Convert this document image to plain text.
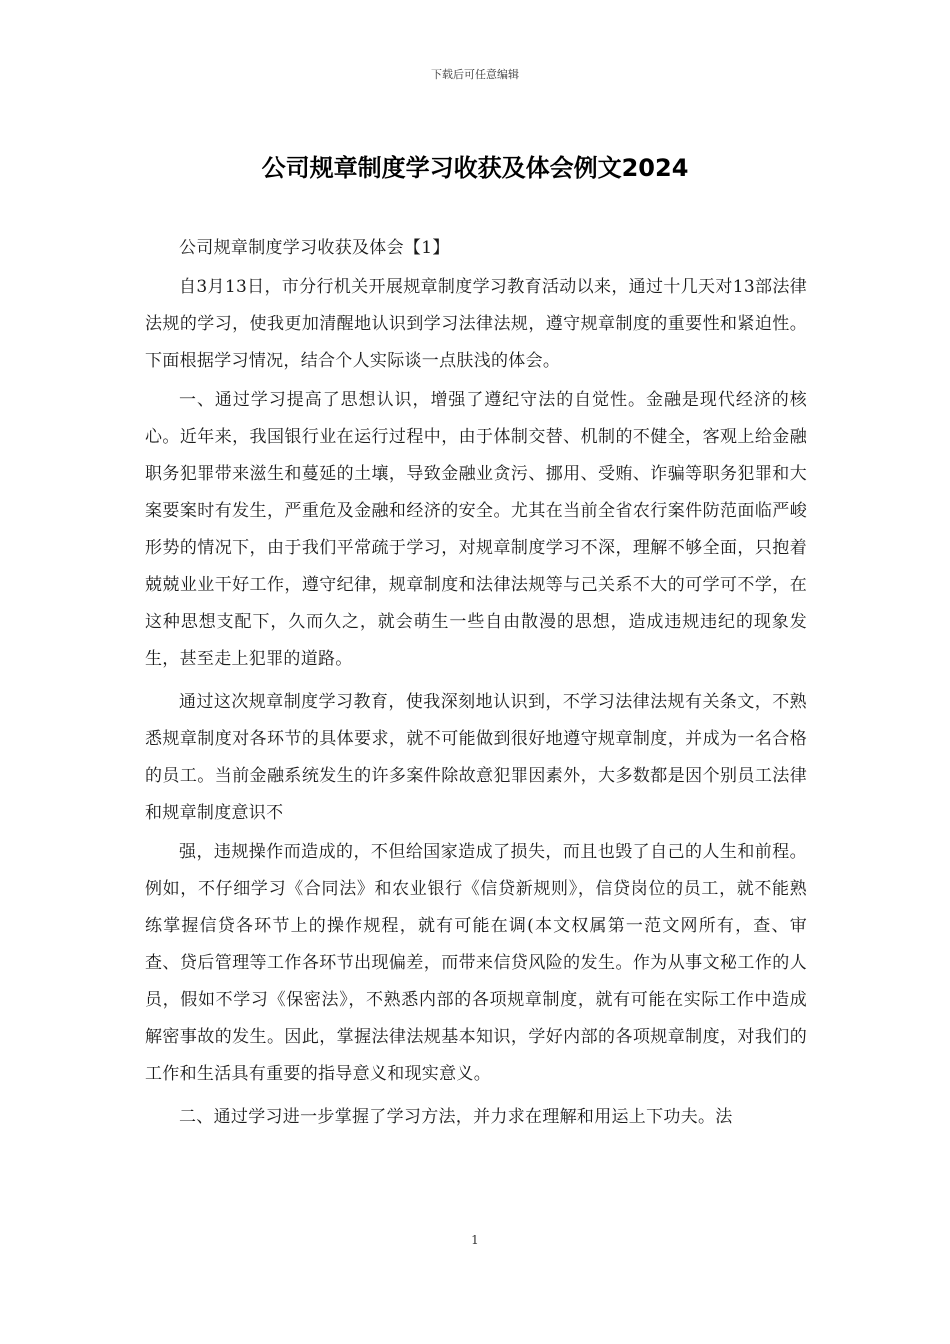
下载后可任意编辑
公司规章制度学习收获及体会例文2024

公司规章制度学习收获及体会【1】

自3月13日，市分行机关开展规章制度学习教育活动以来，通过十几天对13部法律法规的学习，使我更加清醒地认识到学习法律法规，遵守规章制度的重要性和紧迫性。下面根据学习情况，结合个人实际谈一点肤浅的体会。

一、通过学习提高了思想认识，增强了遵纪守法的自觉性。金融是现代经济的核心。近年来，我国银行业在运行过程中，由于体制交替、机制的不健全，客观上给金融职务犯罪带来滋生和蔓延的土壤，导致金融业贪污、挪用、受贿、诈骗等职务犯罪和大案要案时有发生，严重危及金融和经济的安全。尤其在当前全省农行案件防范面临严峻形势的情况下，由于我们平常疏于学习，对规章制度学习不深，理解不够全面，只抱着兢兢业业干好工作，遵守纪律，规章制度和法律法规等与己关系不大的可学可不学，在这种思想支配下，久而久之，就会萌生一些自由散漫的思想，造成违规违纪的现象发生，甚至走上犯罪的道路。

通过这次规章制度学习教育，使我深刻地认识到，不学习法律法规有关条文，不熟悉规章制度对各环节的具体要求，就不可能做到很好地遵守规章制度，并成为一名合格的员工。当前金融系统发生的许多案件除故意犯罪因素外，大多数都是因个别员工法律和规章制度意识不

强，违规操作而造成的，不但给国家造成了损失，而且也毁了自己的人生和前程。例如，不仔细学习《合同法》和农业银行《信贷新规则》，信贷岗位的员工，就不能熟练掌握信贷各环节上的操作规程，就有可能在调(本文权属第一范文网所有，查、审查、贷后管理等工作各环节出现偏差，而带来信贷风险的发生。作为从事文秘工作的人员，假如不学习《保密法》，不熟悉内部的各项规章制度，就有可能在实际工作中造成解密事故的发生。因此，掌握法律法规基本知识，学好内部的各项规章制度，对我们的工作和生活具有重要的指导意义和现实意义。

二、通过学习进一步掌握了学习方法，并力求在理解和用运上下功夫。法

1
